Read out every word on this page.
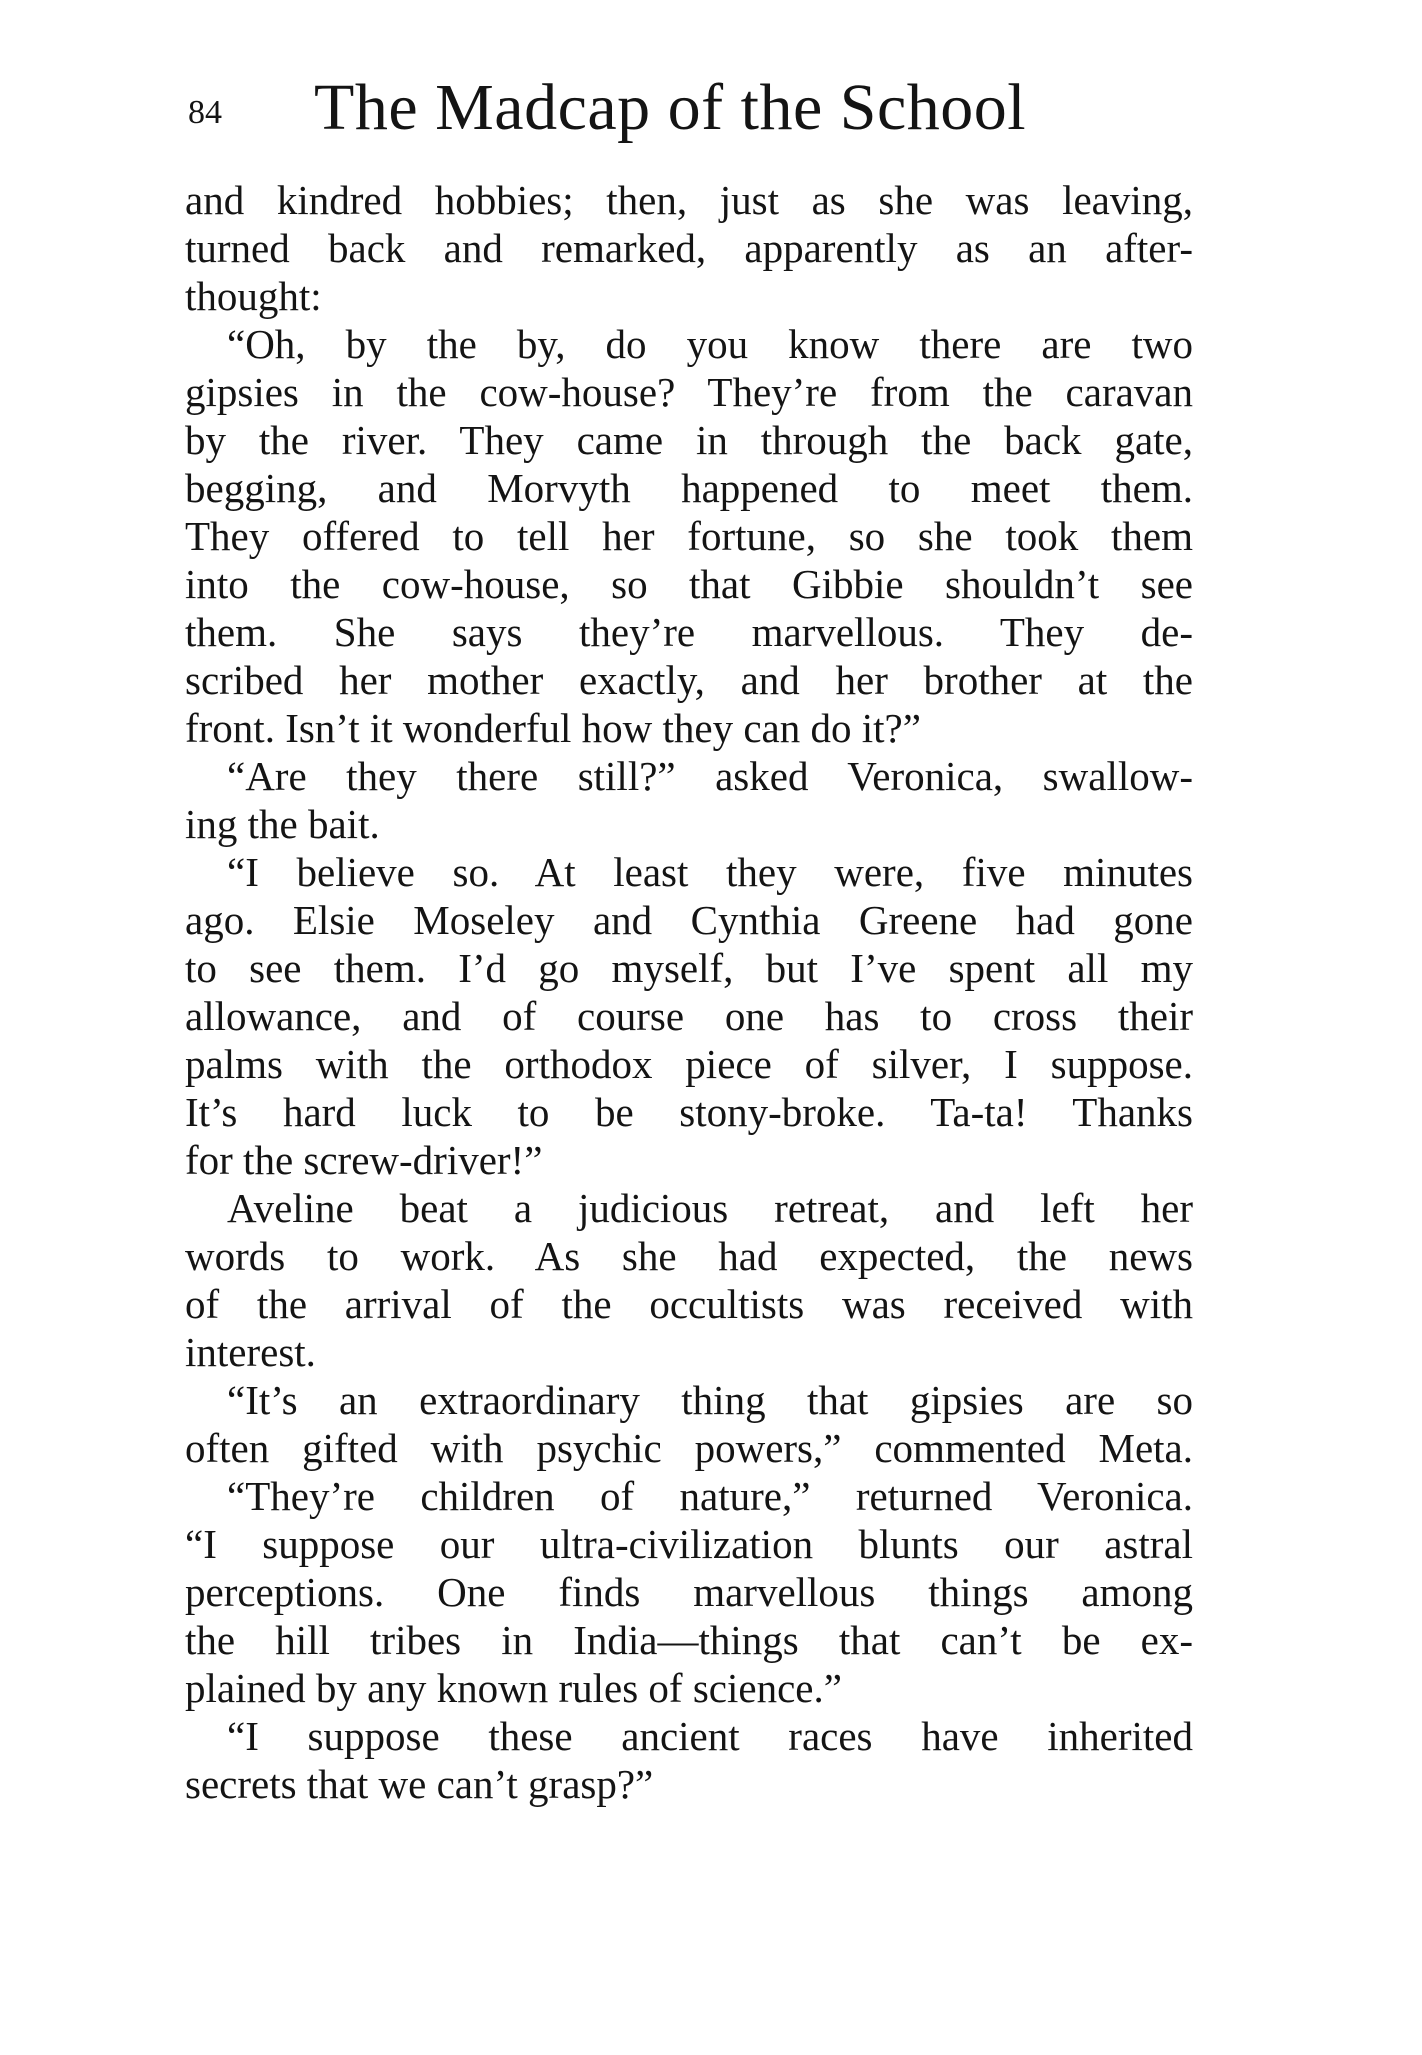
84 The Madcap of the School
and kindred hobbies; then, just as she was leaving,
turned back and remarked, apparently as an after-
thought:
“Oh, by the by, do you know there are two
gipsies in the cow-house? They’re from the caravan
by the river. They came in through the back gate,
begging, and Morvyth happened to meet them.
They offered to tell her fortune, so she took them
into the cow-house, so that Gibbie shouldn’t see
them. She says they’re marvellous. They de-
scribed her mother exactly, and her brother at the
front. Isn’t it wonderful how they can do it?”
“Are they there still?” asked Veronica, swallow-
ing the bait.
“I believe so. At least they were, five minutes
ago. Elsie Moseley and Cynthia Greene had gone
to see them. I’d go myself, but I’ve spent all my
allowance, and of course one has to cross their
palms with the orthodox piece of silver, I suppose.
It’s hard luck to be stony-broke. Ta-ta! Thanks
for the screw-driver!”
Aveline beat a judicious retreat, and left her
words to work. As she had expected, the news
of the arrival of the occultists was received with
interest.
“It’s an extraordinary thing that gipsies are so
often gifted with psychic powers,” commented Meta.
“They’re children of nature,” returned Veronica.
“I suppose our ultra-civilization blunts our astral
perceptions. One finds marvellous things among
the hill tribes in India—things that can’t be ex-
plained by any known rules of science.”
“I suppose these ancient races have inherited
secrets that we can’t grasp?”
